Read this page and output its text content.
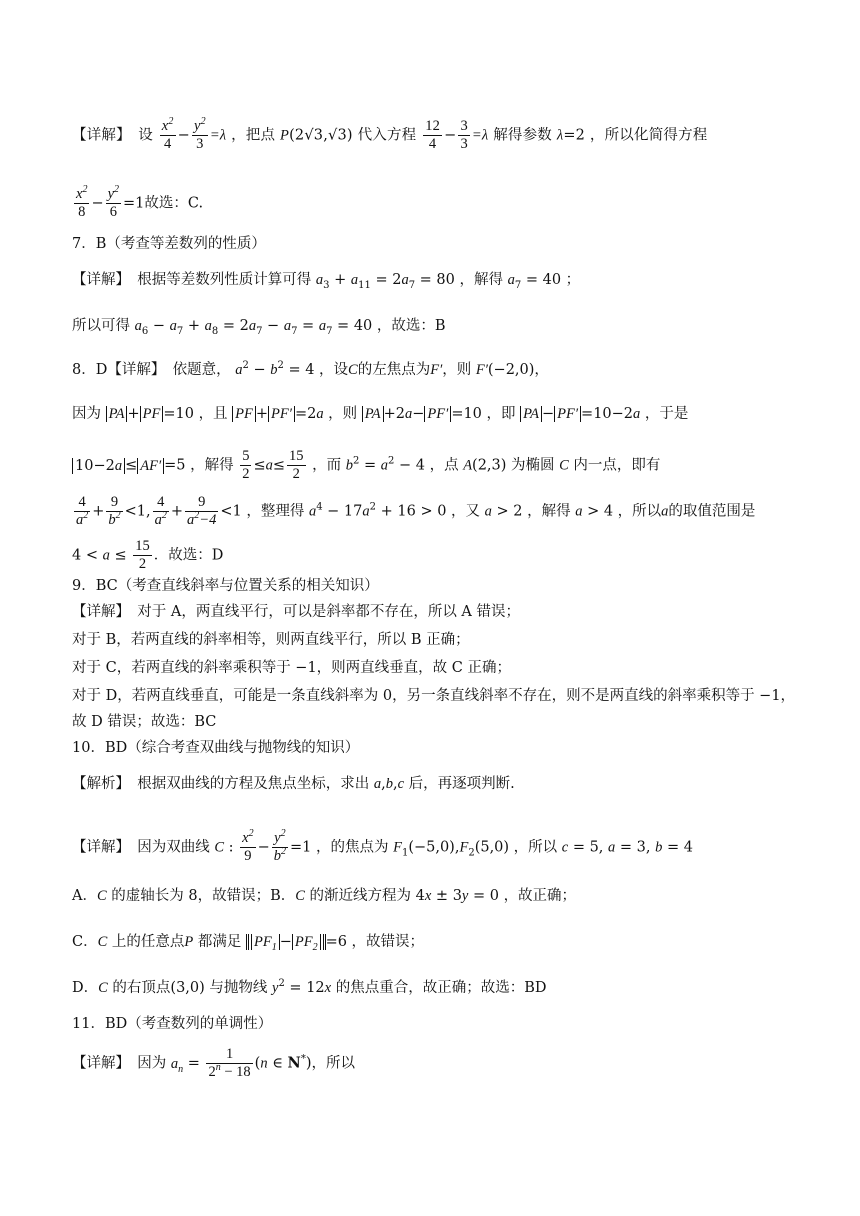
【详解】　设 $\frac{x^2}{4} - \frac{y^2}{3} =\lambda$ ，把点 P(2√3,√3) 代入方程 $\frac{12}{4} - \frac{3}{3} =\lambda$ 解得参数 λ=2 ，所以化简得方程
$\frac{x^2}{8} - \frac{y^2}{6} =1$故选：C.
7．B（考查等差数列的性质）
【详解】　根据等差数列性质计算可得 $a_3 + a_{11} = 2a_7 = 80$ ，解得 $a_7 = 40$ ；
所以可得 $a_6 - a_7 + a_8 = 2a_7 - a_7 = a_7 = 40$ ，故选：B
8．D【详解】　依题意， $a^2 - b^2 = 4$ ，设C的左焦点为F′，则 F′(−2,0)，
因为 PA + PF =10 ，且 PF + PF′ =2a ，则 PA +2a− PF′ =10 ，即 PA − PF′ =10−2a ，于是
10−2a ≤ AF′ =5 ，解得 $\frac{5}{2} \le a\le \frac{15}{2}$ ，而 $b^2 = a^2 - 4$ ，点 A(2,3) 为椭圆 C 内一点，即有
$\frac{4}{a^2} + \frac{9}{b^2} <1$, $\frac{4}{a^2} + \frac{9}{a^2-4} <1$ ，整理得 $a^4 - 17a^2 + 16 > 0$ ，又 a > 2 ，解得 a > 4 ，所以a的取值范围是
$4 < a \le \frac{15}{2}$ ．故选：D
9．BC（考查直线斜率与位置关系的相关知识）
【详解】　对于 A，两直线平行，可以是斜率都不存在，所以 A 错误；
对于 B，若两直线的斜率相等，则两直线平行，所以 B 正确；
对于 C，若两直线的斜率乘积等于 −1，则两直线垂直，故 C 正确；
对于 D，若两直线垂直，可能是一条直线斜率为 0，另一条直线斜率不存在，则不是两直线的斜率乘积等于 −1，
故 D 错误；故选：BC
10．BD（综合考查双曲线与抛物线的知识）
【解析】　根据双曲线的方程及焦点坐标，求出 a,b,c 后，再逐项判断.
【详解】　因为双曲线 C : $\frac{x^2}{9} - \frac{y^2}{b^2} =1$ ，的焦点为 $F_1(-5,0),F_2(5,0)$ ，所以 c = 5, a = 3, b = 4
A．C 的虚轴长为 8，故错误；B．C 的渐近线方程为 4x ± 3y = 0 ，故正确；
C．C 上的任意点P 都满足 $PF_1 - PF_2 =6$ ，故错误；
D．C 的右顶点(3,0) 与抛物线 $y^2 = 12x$ 的焦点重合，故正确；故选：BD
11．BD（考查数列的单调性）
【详解】　因为 $a_n = \frac{1}{2^n - 18} (n$ ∈ N*)，所以
